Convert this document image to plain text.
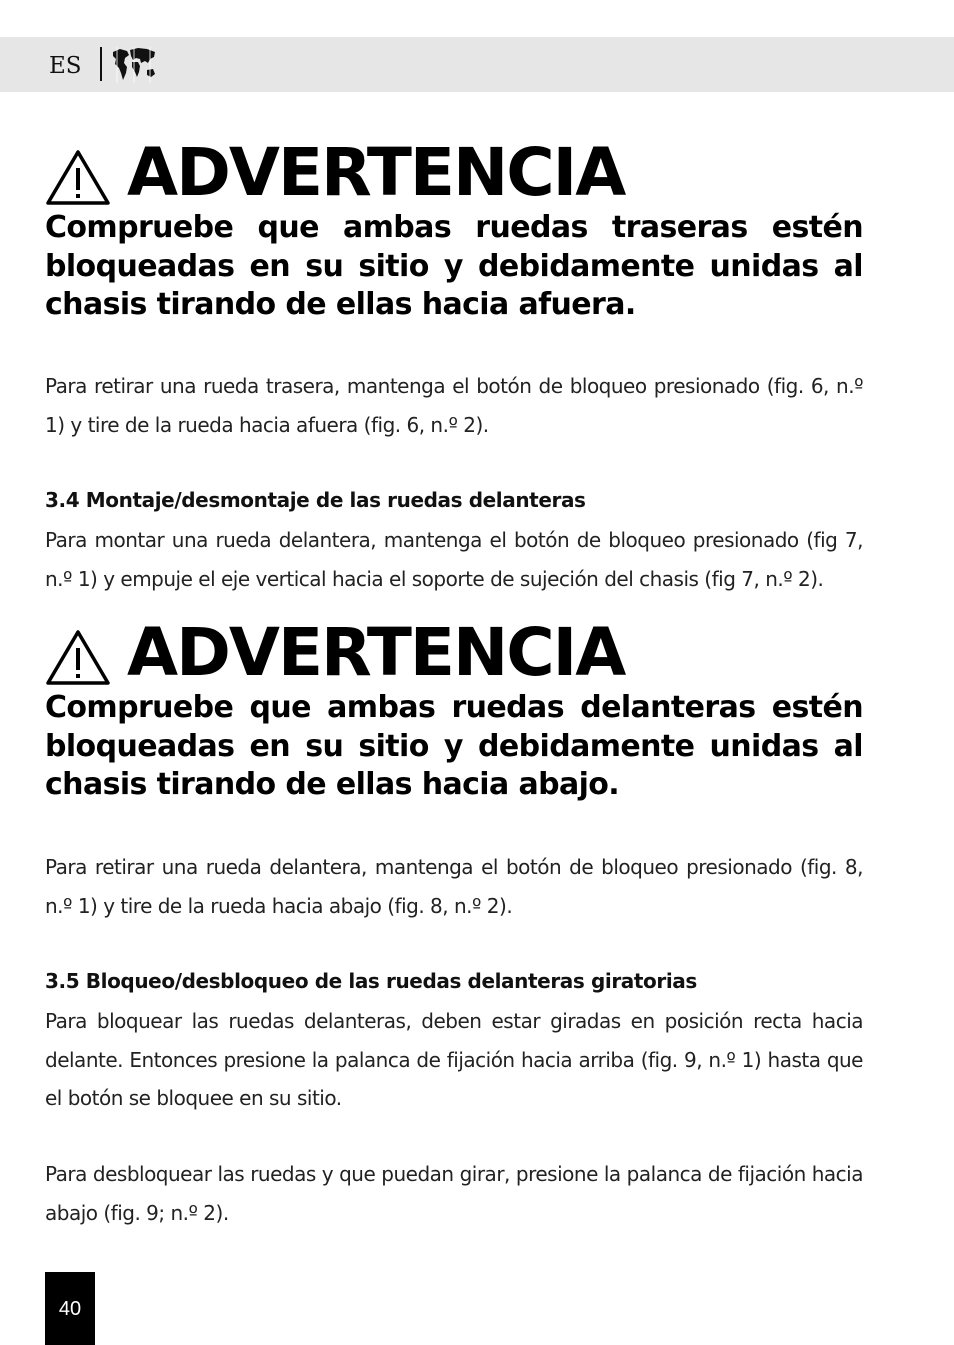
ES
ADVERTENCIA
Compruebe que ambas ruedas traseras estén bloqueadas en su sitio y debidamente unidas al chasis tirando de ellas hacia afuera.
Para retirar una rueda trasera, mantenga el botón de bloqueo presionado (fig. 6, n.º 1) y tire de la rueda hacia afuera (fig. 6, n.º 2).
3.4 Montaje/desmontaje de las ruedas delanteras
Para montar una rueda delantera, mantenga el botón de bloqueo presionado (fig 7, n.º 1) y empuje el eje vertical hacia el soporte de sujeción del chasis (fig 7, n.º 2).
ADVERTENCIA
Compruebe que ambas ruedas delanteras estén bloqueadas en su sitio y debidamente unidas al chasis tirando de ellas hacia abajo.
Para retirar una rueda delantera, mantenga el botón de bloqueo presionado (fig. 8, n.º 1) y tire de la rueda hacia abajo (fig. 8, n.º 2).
3.5 Bloqueo/desbloqueo de las ruedas delanteras giratorias
Para bloquear las ruedas delanteras, deben estar giradas en posición recta hacia delante. Entonces presione la palanca de fijación hacia arriba (fig. 9, n.º 1) hasta que el botón se bloquee en su sitio.
Para desbloquear las ruedas y que puedan girar, presione la palanca de fijación hacia abajo (fig. 9; n.º 2).
40
